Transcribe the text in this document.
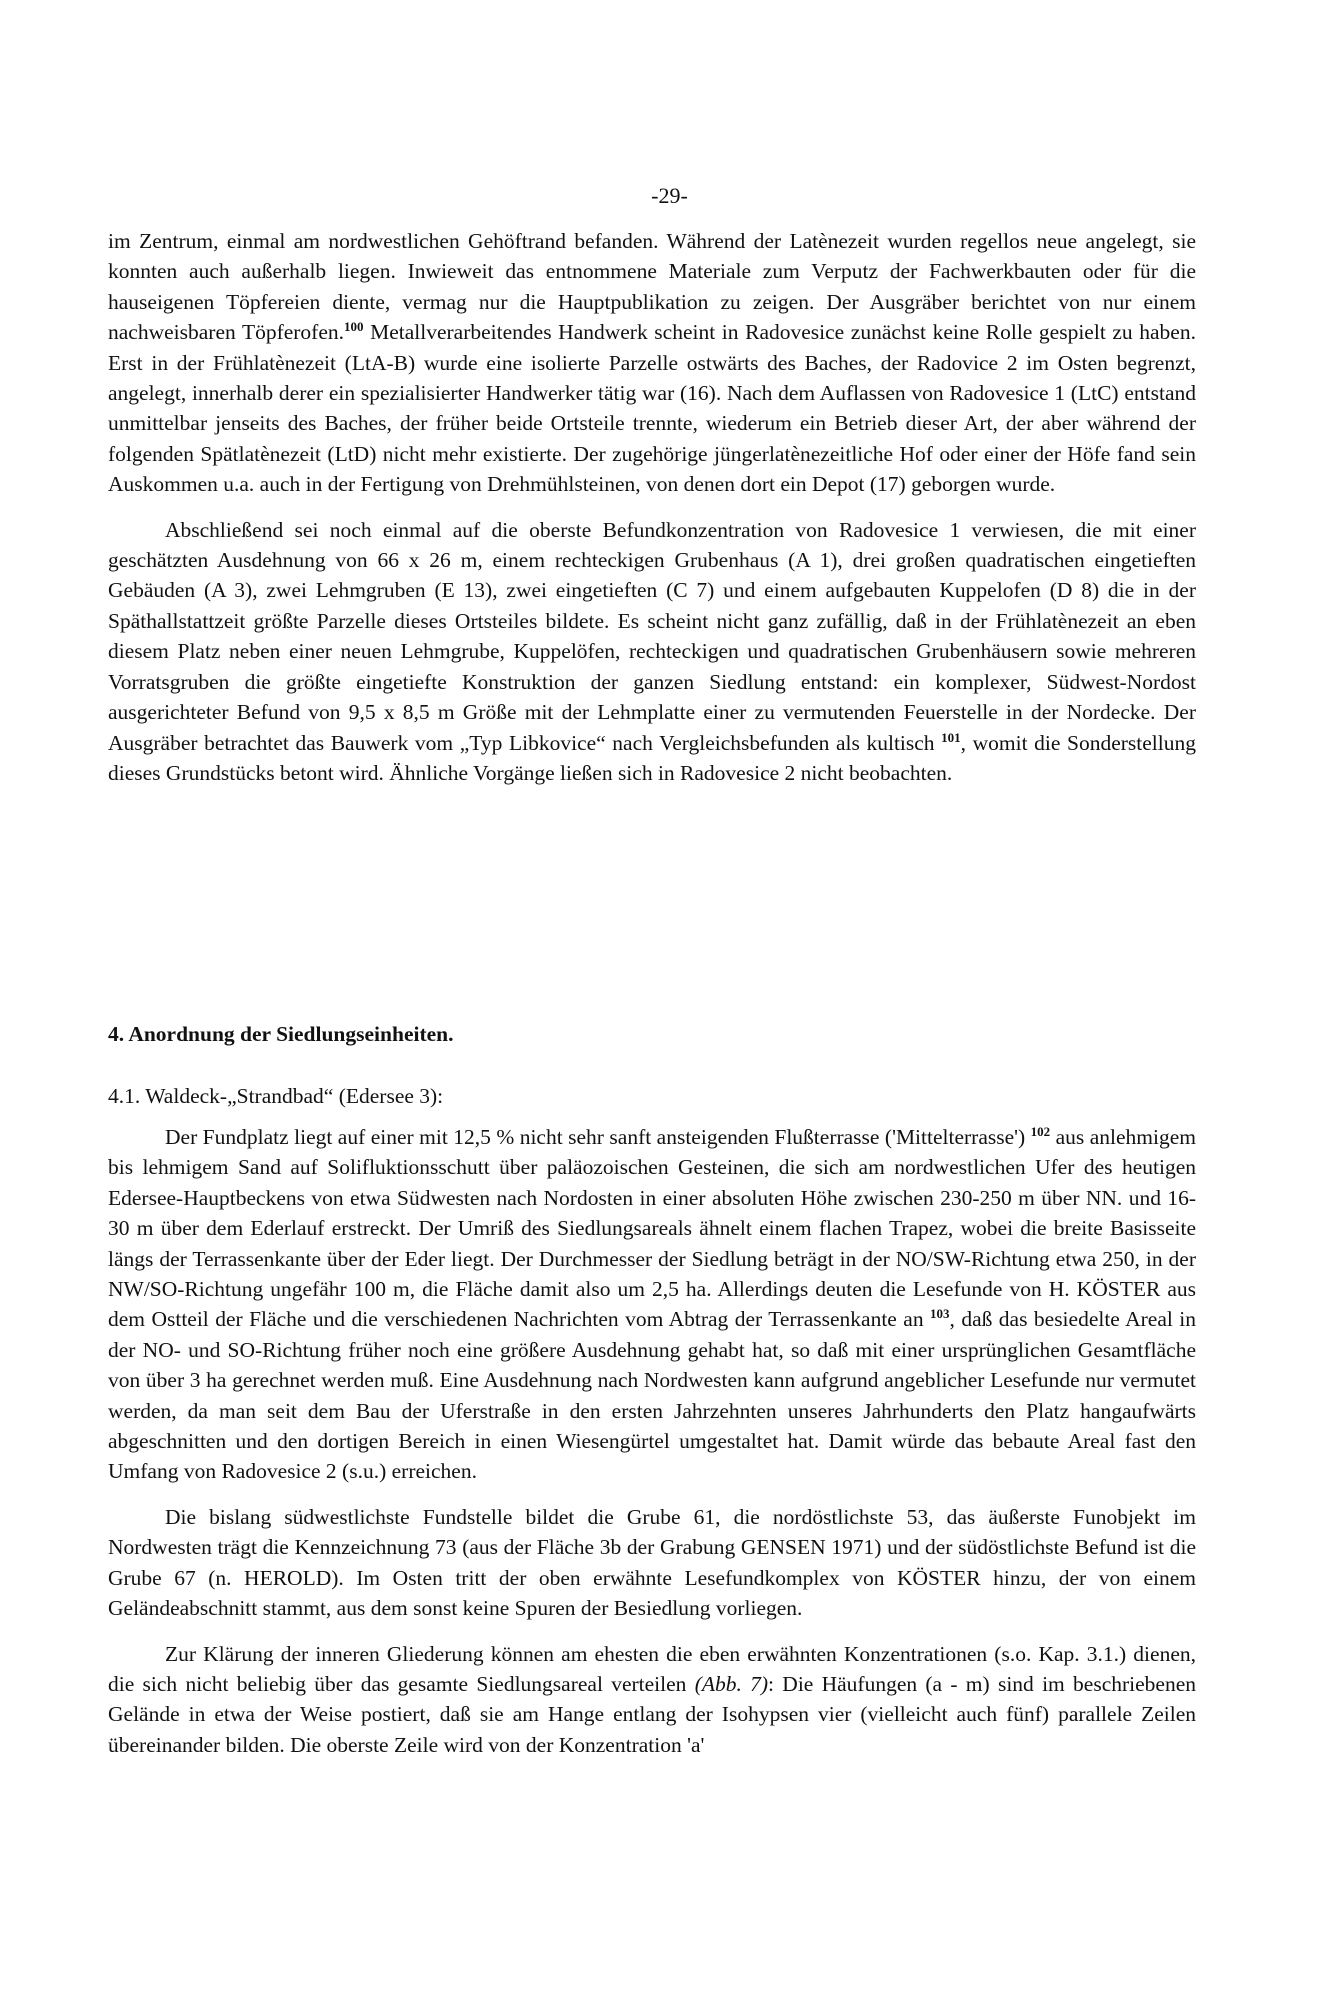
-29-

im Zentrum, einmal am nordwestlichen Gehöftrand befanden. Während der Latènezeit wurden regellos neue angelegt, sie konnten auch außerhalb liegen. Inwieweit das entnommene Materiale zum Verputz der Fachwerkbauten oder für die hauseigenen Töpfereien diente, vermag nur die Hauptpublikation zu zeigen. Der Ausgräber berichtet von nur einem nachweisbaren Töpferofen.$^{100}$ Metallverarbeitendes Handwerk scheint in Radovesice zunächst keine Rolle gespielt zu haben. Erst in der Frühlatènezeit (LtA-B) wurde eine isolierte Parzelle ostwärts des Baches, der Radovice 2 im Osten begrenzt, angelegt, innerhalb derer ein spezialisierter Handwerker tätig war (16). Nach dem Auflassen von Radovesice 1 (LtC) entstand unmittelbar jenseits des Baches, der früher beide Ortsteile trennte, wiederum ein Betrieb dieser Art, der aber während der folgenden Spätlatènezeit (LtD) nicht mehr existierte. Der zugehörige jüngerlatènezeitliche Hof oder einer der Höfe fand sein Auskommen u.a. auch in der Fertigung von Drehmühlsteinen, von denen dort ein Depot (17) geborgen wurde.

Abschließend sei noch einmal auf die oberste Befundkonzentration von Radovesice 1 verwiesen, die mit einer geschätzten Ausdehnung von 66 x 26 m, einem rechteckigen Grubenhaus (A 1), drei großen quadratischen eingetieften Gebäuden (A 3), zwei Lehmgruben (E 13), zwei eingetieften (C 7) und einem aufgebauten Kuppelofen (D 8) die in der Späthallstattzeit größte Parzelle dieses Ortsteiles bildete. Es scheint nicht ganz zufällig, daß in der Frühlatènezeit an eben diesem Platz neben einer neuen Lehmgrube, Kuppelöfen, rechteckigen und quadratischen Grubenhäusern sowie mehreren Vorratsgruben die größte eingetiefte Konstruktion der ganzen Siedlung entstand: ein komplexer, Südwest-Nordost ausgerichteter Befund von 9,5 x 8,5 m Größe mit der Lehmplatte einer zu vermutenden Feuerstelle in der Nordecke. Der Ausgräber betrachtet das Bauwerk vom „Typ Libkovice“ nach Vergleichsbefunden als kultisch $^{101}$, womit die Sonderstellung dieses Grundstücks betont wird. Ähnliche Vorgänge ließen sich in Radovesice 2 nicht beobachten.

4. Anordnung der Siedlungseinheiten.
4.1. Waldeck-„Strandbad“ (Edersee 3):

Der Fundplatz liegt auf einer mit 12,5 % nicht sehr sanft ansteigenden Flußterrasse ('Mittelterrasse') $^{102}$ aus anlehmigem bis lehmigem Sand auf Solifluktionsschutt über paläozoischen Gesteinen, die sich am nordwestlichen Ufer des heutigen Edersee-Hauptbeckens von etwa Südwesten nach Nordosten in einer absoluten Höhe zwischen 230-250 m über NN. und 16-30 m über dem Ederlauf erstreckt. Der Umriß des Siedlungsareals ähnelt einem flachen Trapez, wobei die breite Basisseite längs der Terrassenkante über der Eder liegt. Der Durchmesser der Siedlung beträgt in der NO/SW-Richtung etwa 250, in der NW/SO-Richtung ungefähr 100 m, die Fläche damit also um 2,5 ha. Allerdings deuten die Lesefunde von H. KÖSTER aus dem Ostteil der Fläche und die verschiedenen Nachrichten vom Abtrag der Terrassenkante an $^{103}$, daß das besiedelte Areal in der NO- und SO-Richtung früher noch eine größere Ausdehnung gehabt hat, so daß mit einer ursprünglichen Gesamtfläche von über 3 ha gerechnet werden muß. Eine Ausdehnung nach Nordwesten kann aufgrund angeblicher Lesefunde nur vermutet werden, da man seit dem Bau der Uferstraße in den ersten Jahrzehnten unseres Jahrhunderts den Platz hangaufwärts abgeschnitten und den dortigen Bereich in einen Wiesengürtel umgestaltet hat. Damit würde das bebaute Areal fast den Umfang von Radovesice 2 (s.u.) erreichen.

Die bislang südwestlichste Fundstelle bildet die Grube 61, die nordöstlichste 53, das äußerste Funobjekt im Nordwesten trägt die Kennzeichnung 73 (aus der Fläche 3b der Grabung GENSEN 1971) und der südöstlichste Befund ist die Grube 67 (n. HEROLD). Im Osten tritt der oben erwähnte Lesefundkomplex von KÖSTER hinzu, der von einem Geländeabschnitt stammt, aus dem sonst keine Spuren der Besiedlung vorliegen.

Zur Klärung der inneren Gliederung können am ehesten die eben erwähnten Konzentrationen (s.o. Kap. 3.1.) dienen, die sich nicht beliebig über das gesamte Siedlungsareal verteilen (Abb. 7): Die Häufungen (a - m) sind im beschriebenen Gelände in etwa der Weise postiert, daß sie am Hange entlang der Isohypsen vier (vielleicht auch fünf) parallele Zeilen übereinander bilden. Die oberste Zeile wird von der Konzentration 'a'
